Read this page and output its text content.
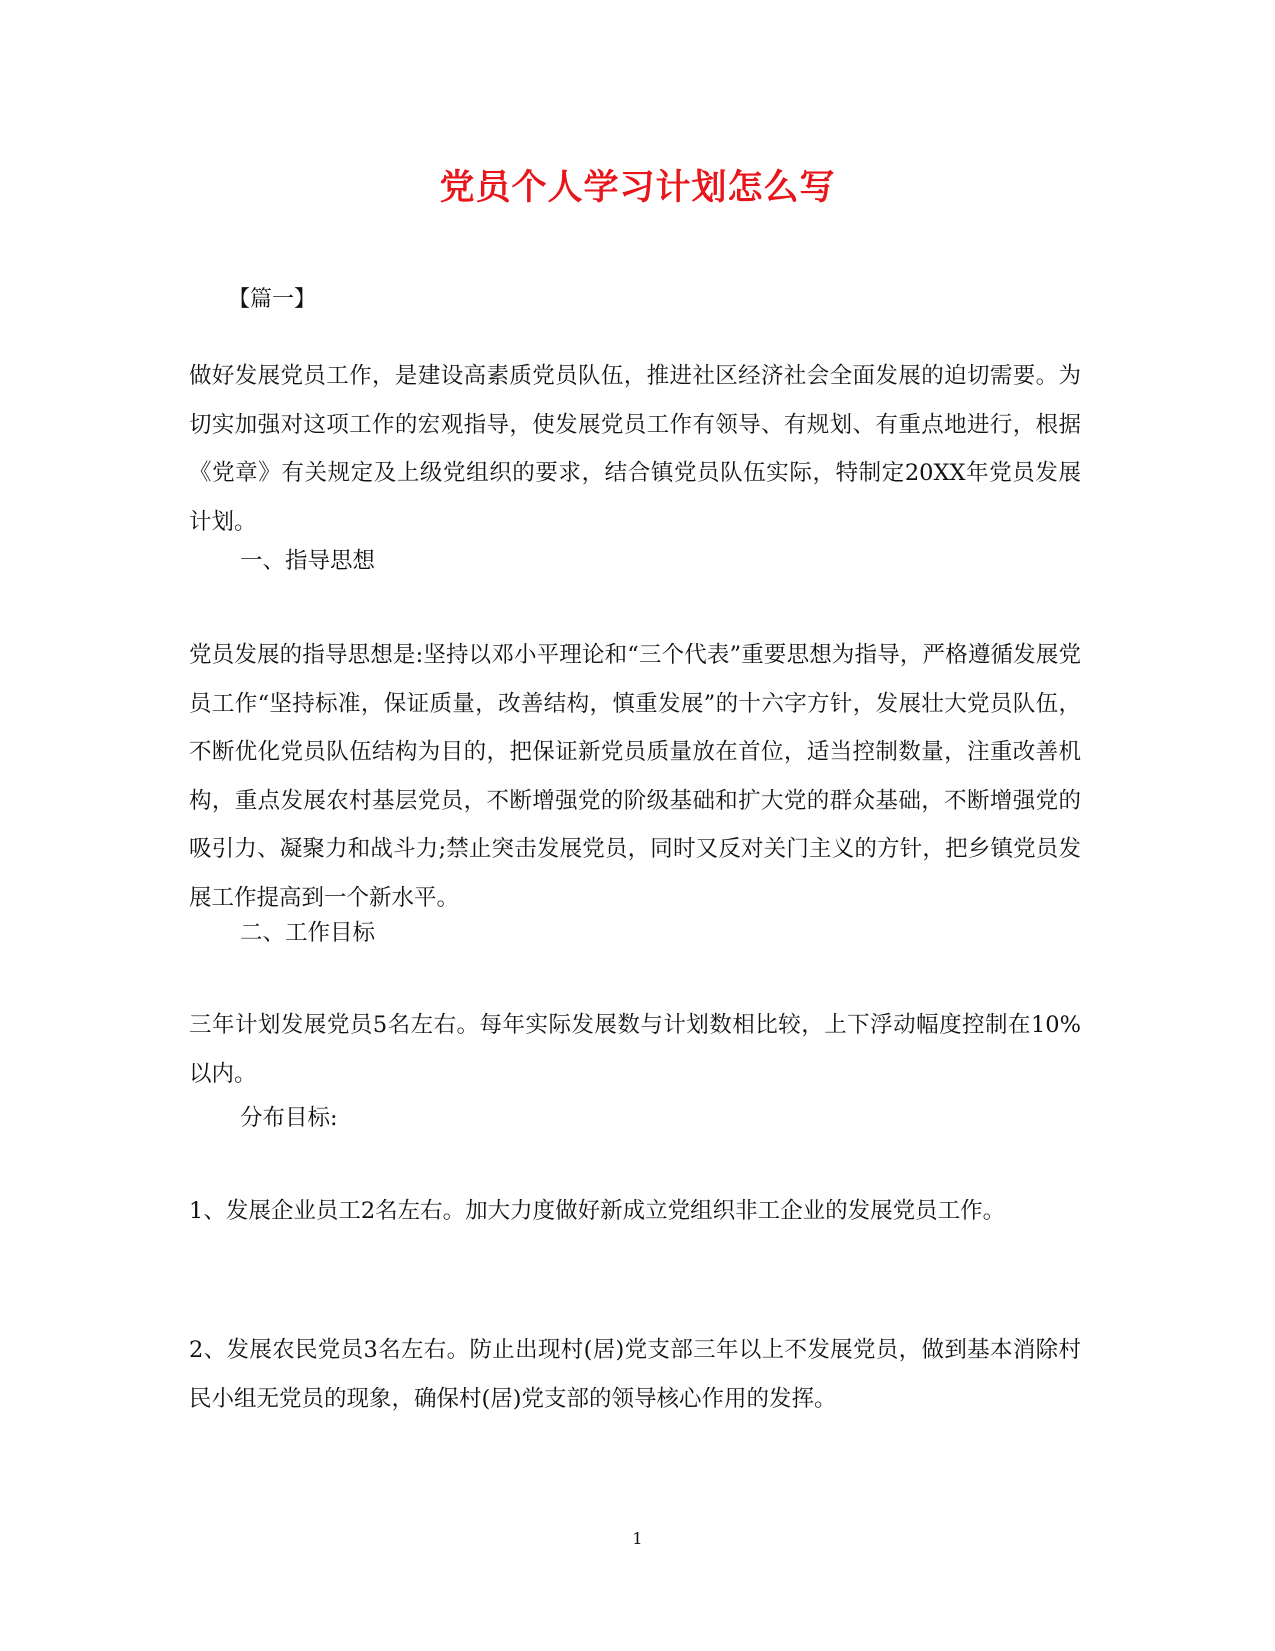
党员个人学习计划怎么写
【篇一】
做好发展党员工作，是建设高素质党员队伍，推进社区经济社会全面发展的迫切需要。为切实加强对这项工作的宏观指导，使发展党员工作有领导、有规划、有重点地进行，根据《党章》有关规定及上级党组织的要求，结合镇党员队伍实际，特制定20XX年党员发展计划。
一、指导思想
党员发展的指导思想是:坚持以邓小平理论和“三个代表”重要思想为指导，严格遵循发展党员工作“坚持标准，保证质量，改善结构，慎重发展”的十六字方针，发展壮大党员队伍，不断优化党员队伍结构为目的，把保证新党员质量放在首位，适当控制数量，注重改善机构，重点发展农村基层党员，不断增强党的阶级基础和扩大党的群众基础，不断增强党的吸引力、凝聚力和战斗力;禁止突击发展党员，同时又反对关门主义的方针，把乡镇党员发展工作提高到一个新水平。
二、工作目标
三年计划发展党员5名左右。每年实际发展数与计划数相比较，上下浮动幅度控制在10%以内。
分布目标:
1、发展企业员工2名左右。加大力度做好新成立党组织非工企业的发展党员工作。
2、发展农民党员3名左右。防止出现村(居)党支部三年以上不发展党员，做到基本消除村民小组无党员的现象，确保村(居)党支部的领导核心作用的发挥。
1
